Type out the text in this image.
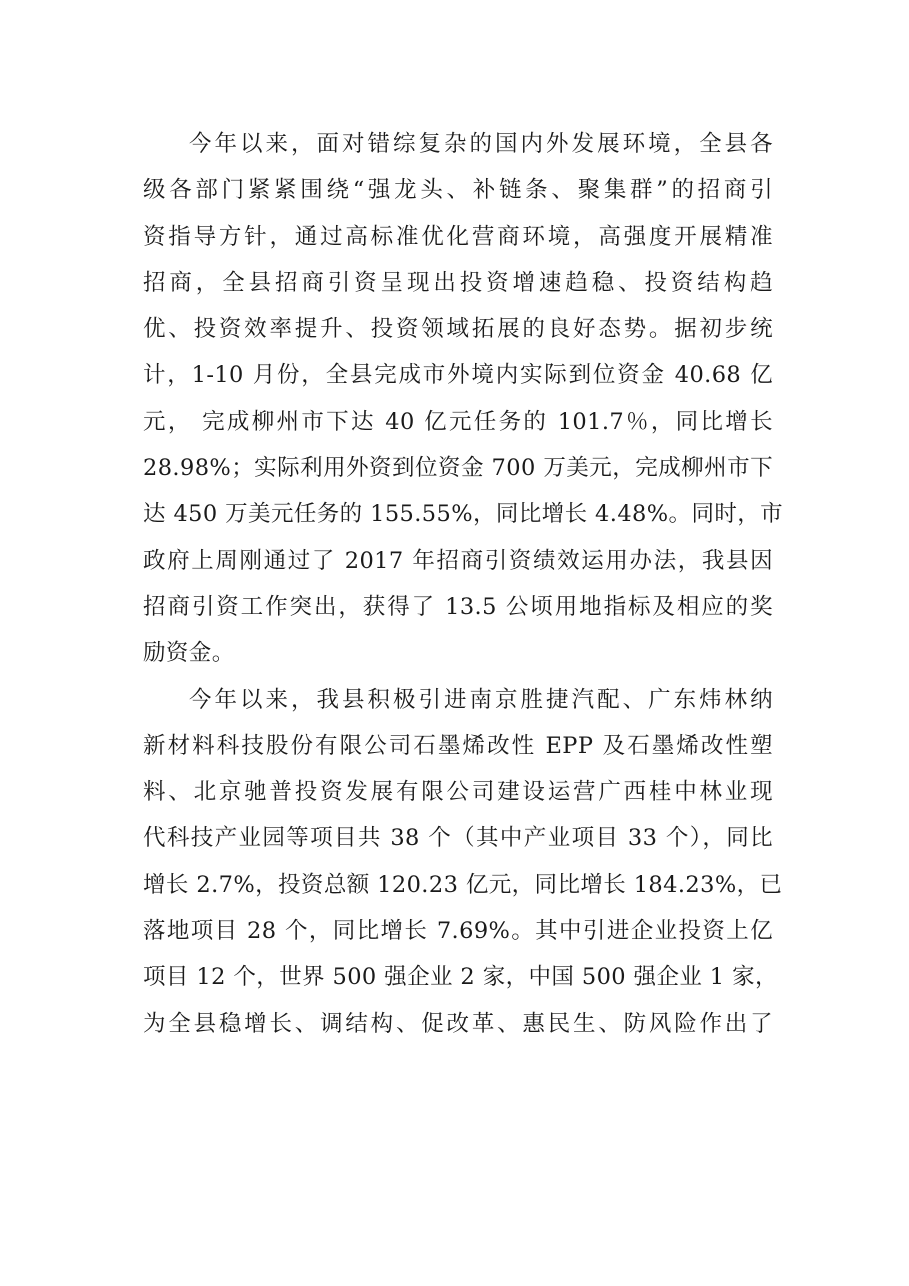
今年以来，面对错综复杂的国内外发展环境，全县各
级各部门紧紧围绕“强龙头、补链条、聚集群”的招商引
资指导方针，通过高标准优化营商环境，高强度开展精准
招商，全县招商引资呈现出投资增速趋稳、投资结构趋
优、投资效率提升、投资领域拓展的良好态势。据初步统
计，1-10 月份，全县完成市外境内实际到位资金 40.68 亿
元， 完成柳州市下达 40 亿元任务的 101.7％，同比增长
28.98%；实际利用外资到位资金 700 万美元，完成柳州市下
达 450 万美元任务的 155.55%，同比增长 4.48%。同时，市
政府上周刚通过了 2017 年招商引资绩效运用办法，我县因
招商引资工作突出，获得了 13.5 公顷用地指标及相应的奖
励资金。
今年以来，我县积极引进南京胜捷汽配、广东炜林纳
新材料科技股份有限公司石墨烯改性 EPP 及石墨烯改性塑
料、北京驰普投资发展有限公司建设运营广西桂中林业现
代科技产业园等项目共 38 个（其中产业项目 33 个），同比
增长 2.7%，投资总额 120.23 亿元，同比增长 184.23%，已
落地项目 28 个，同比增长 7.69%。其中引进企业投资上亿
项目 12 个，世界 500 强企业 2 家，中国 500 强企业 1 家，
为全县稳增长、调结构、促改革、惠民生、防风险作出了
